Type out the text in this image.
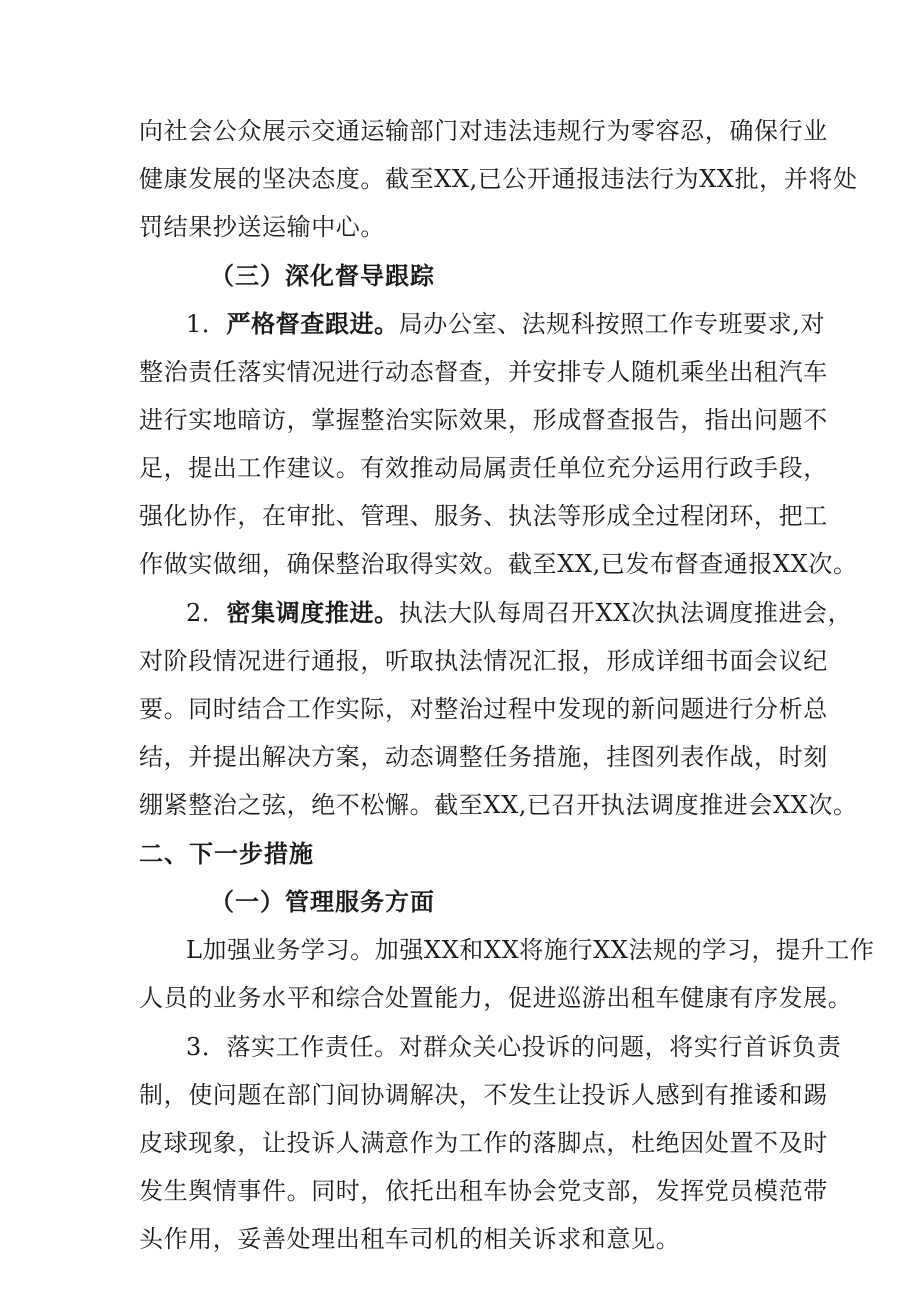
向社会公众展示交通运输部门对违法违规行为零容忍，确保行业
健康发展的坚决态度。截至XX,已公开通报违法行为XX批，并将处
罚结果抄送运输中心。
（三）深化督导跟踪
1．严格督查跟进。局办公室、法规科按照工作专班要求,对
整治责任落实情况进行动态督查，并安排专人随机乘坐出租汽车
进行实地暗访，掌握整治实际效果，形成督查报告，指出问题不
足，提出工作建议。有效推动局属责任单位充分运用行政手段，
强化协作，在审批、管理、服务、执法等形成全过程闭环，把工
作做实做细，确保整治取得实效。截至XX,已发布督查通报XX次。
2．密集调度推进。执法大队每周召开XX次执法调度推进会，
对阶段情况进行通报，听取执法情况汇报，形成详细书面会议纪
要。同时结合工作实际，对整治过程中发现的新问题进行分析总
结，并提出解决方案，动态调整任务措施，挂图列表作战，时刻
绷紧整治之弦，绝不松懈。截至XX,已召开执法调度推进会XX次。
二、下一步措施
（一）管理服务方面
L加强业务学习。加强XX和XX将施行XX法规的学习，提升工作
人员的业务水平和综合处置能力，促进巡游出租车健康有序发展。
3．落实工作责任。对群众关心投诉的问题，将实行首诉负责
制，使问题在部门间协调解决，不发生让投诉人感到有推诿和踢
皮球现象，让投诉人满意作为工作的落脚点，杜绝因处置不及时
发生舆情事件。同时，依托出租车协会党支部，发挥党员模范带
头作用，妥善处理出租车司机的相关诉求和意见。
